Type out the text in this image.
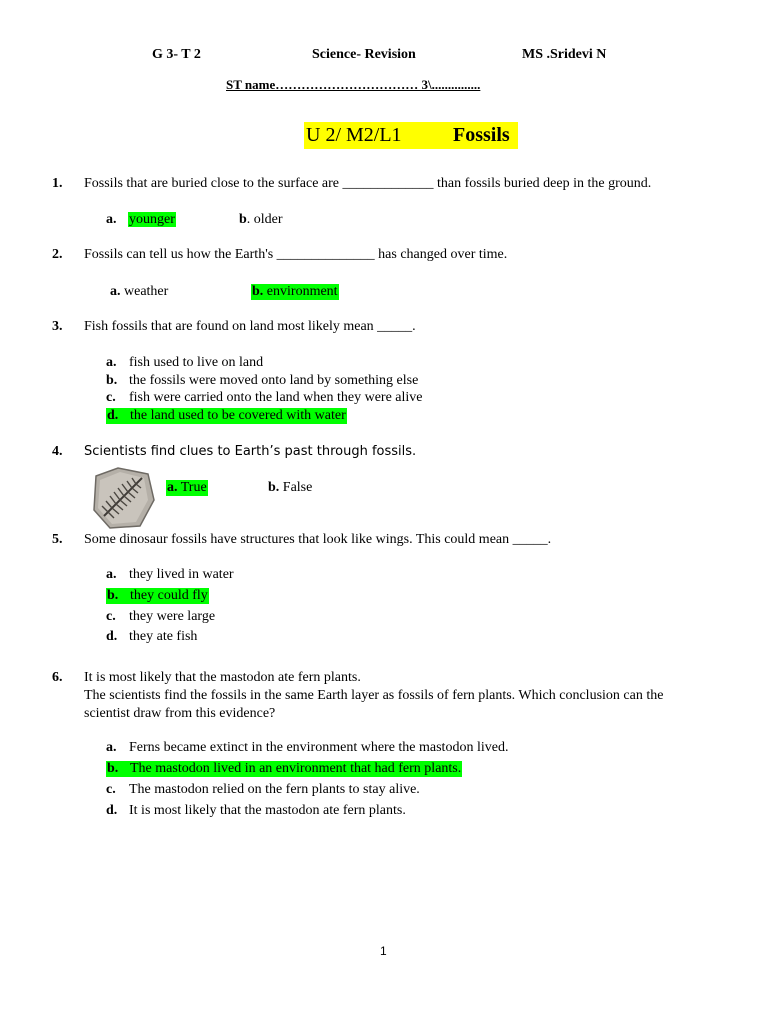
G 3- T 2	Science- Revision	MS .Sridevi N
ST name…………………………… 3\...............
U 2/ M2/L1	Fossils
1. Fossils that are buried close to the surface are _____________ than fossils buried deep in the ground.
a. younger	b. older
2. Fossils can tell us how the Earth's ______________ has changed over time.
a. weather	b. environment
3. Fish fossils that are found on land most likely mean _____.
a. fish used to live on land
b. the fossils were moved onto land by something else
c. fish were carried onto the land when they were alive
d. the land used to be covered with water
4. Scientists find clues to Earth’s past through fossils.
a. True	b. False
5. Some dinosaur fossils have structures that look like wings. This could mean _____.
a. they lived in water
b. they could fly
c. they were large
d. they ate fish
6. It is most likely that the mastodon ate fern plants.
The scientists find the fossils in the same Earth layer as fossils of fern plants. Which conclusion can the
scientist draw from this evidence?
a. Ferns became extinct in the environment where the mastodon lived.
b. The mastodon lived in an environment that had fern plants.
c. The mastodon relied on the fern plants to stay alive.
d. It is most likely that the mastodon ate fern plants.
1
